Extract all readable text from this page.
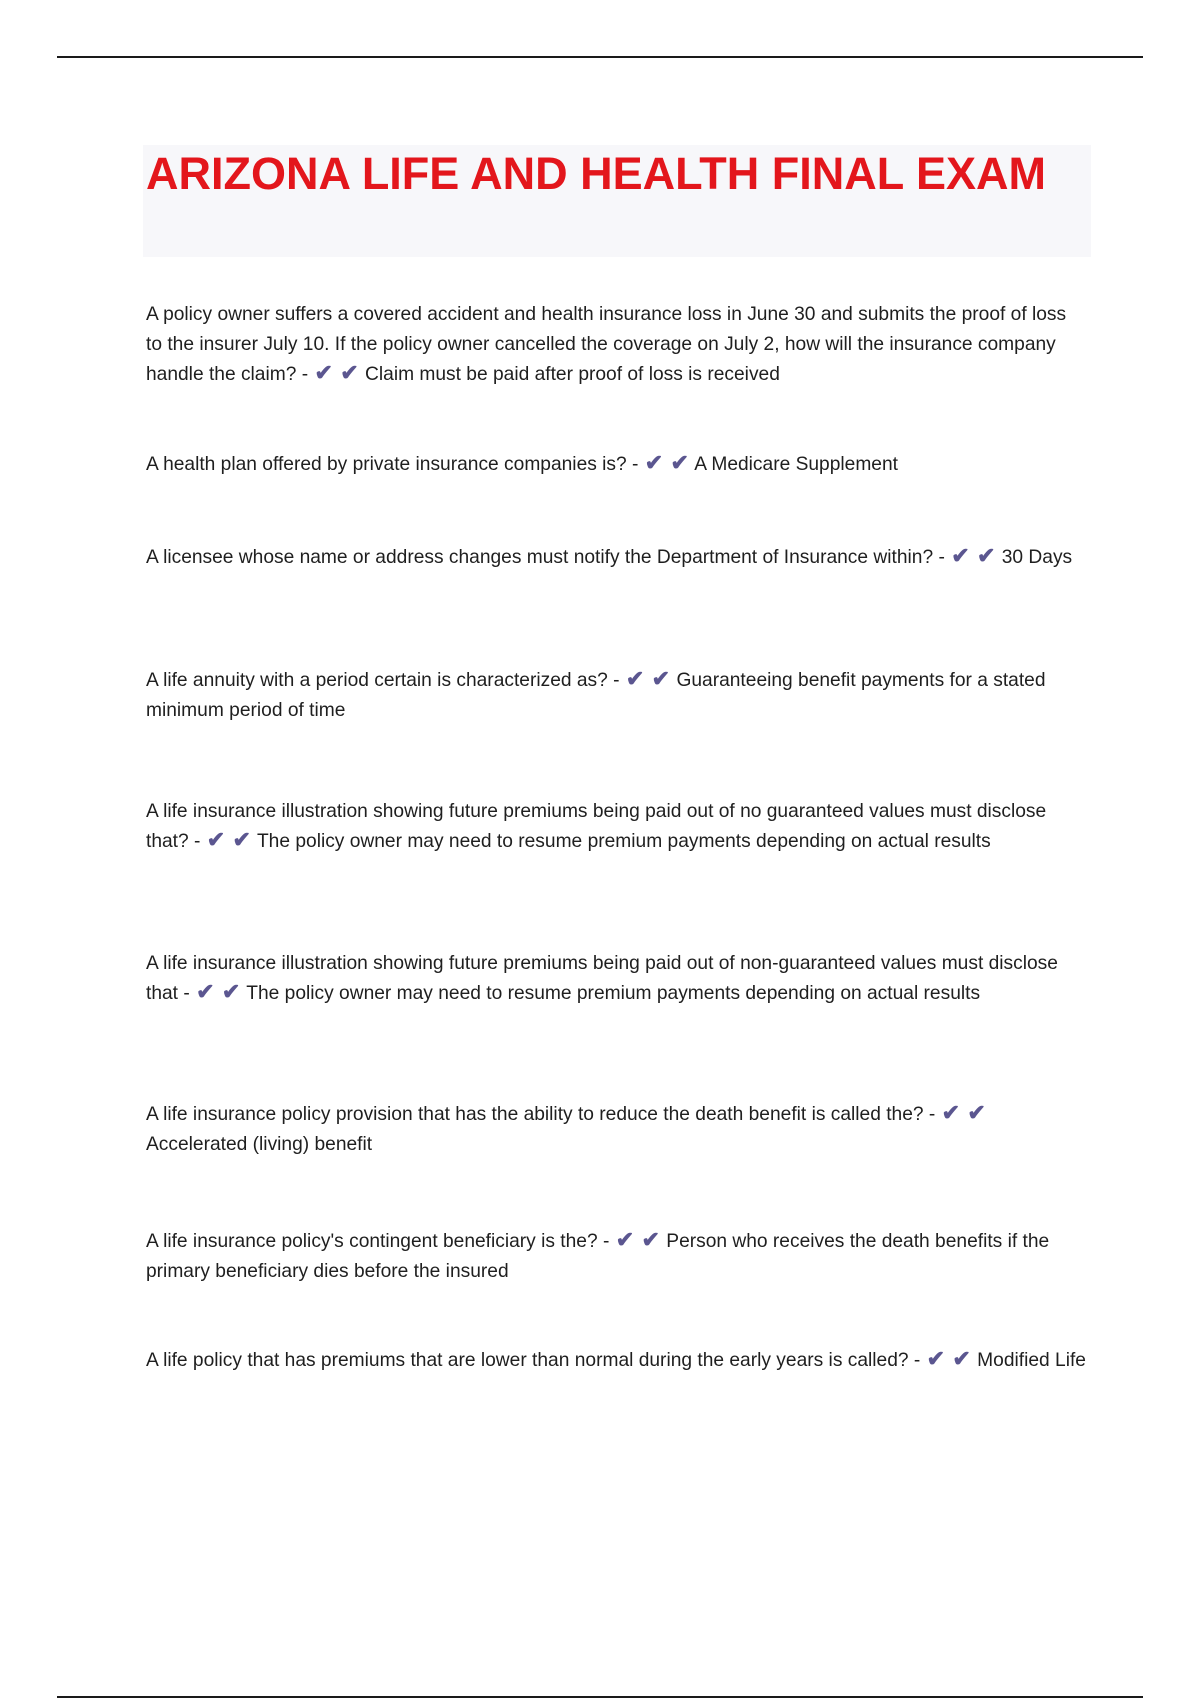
ARIZONA LIFE AND HEALTH FINAL EXAM
A policy owner suffers a covered accident and health insurance loss in June 30 and submits the proof of loss to the insurer July 10. If the policy owner cancelled the coverage on July 2, how will the insurance company handle the claim? - ✔ ✔ Claim must be paid after proof of loss is received
A health plan offered by private insurance companies is? - ✔ ✔ A Medicare Supplement
A licensee whose name or address changes must notify the Department of Insurance within? - ✔ ✔ 30 Days
A life annuity with a period certain is characterized as? - ✔ ✔ Guaranteeing benefit payments for a stated minimum period of time
A life insurance illustration showing future premiums being paid out of no guaranteed values must disclose that? - ✔ ✔ The policy owner may need to resume premium payments depending on actual results
A life insurance illustration showing future premiums being paid out of non-guaranteed values must disclose that - ✔ ✔ The policy owner may need to resume premium payments depending on actual results
A life insurance policy provision that has the ability to reduce the death benefit is called the? - ✔ ✔ Accelerated (living) benefit
A life insurance policy's contingent beneficiary is the? - ✔ ✔ Person who receives the death benefits if the primary beneficiary dies before the insured
A life policy that has premiums that are lower than normal during the early years is called? - ✔ ✔ Modified Life
